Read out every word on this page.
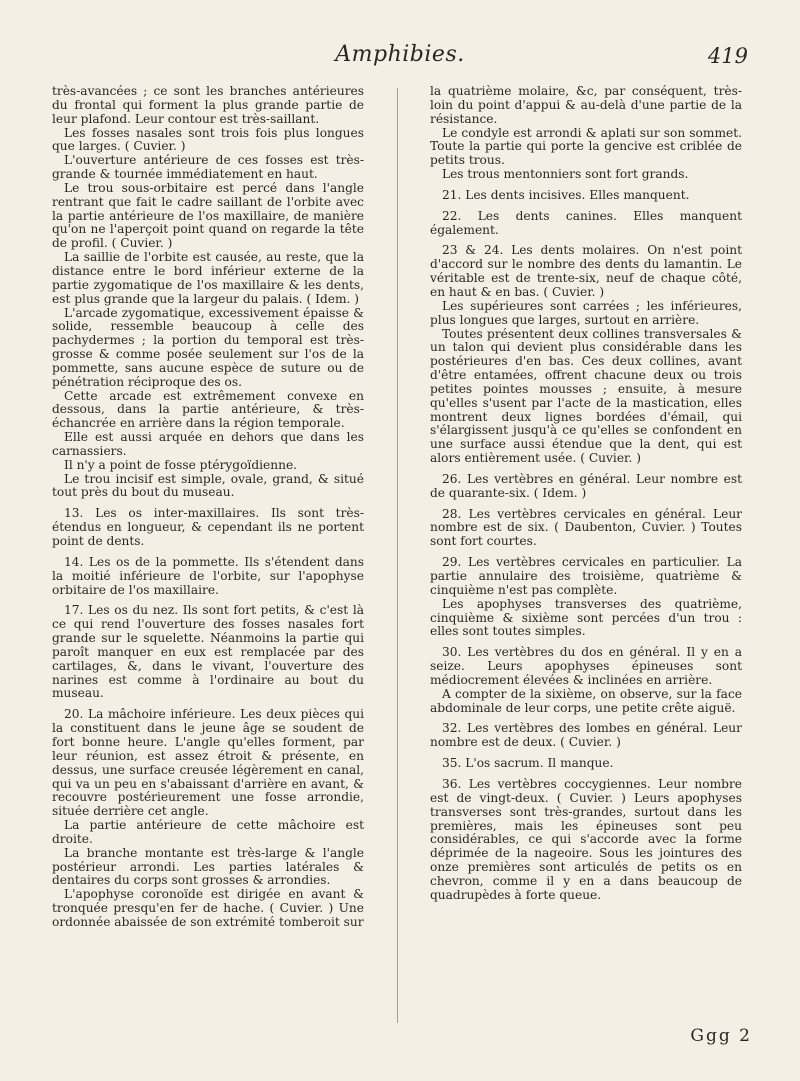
Amphibies.	419

très-avancées ; ce sont les branches antérieures du frontal qui forment la plus grande partie de leur plafond. Leur contour est très-saillant.

Les fosses nasales sont trois fois plus longues que larges. ( Cuvier. )

L'ouverture antérieure de ces fosses est très-grande & tournée immédiatement en haut.

Le trou sous-orbitaire est percé dans l'angle rentrant que fait le cadre saillant de l'orbite avec la partie antérieure de l'os maxillaire, de manière qu'on ne l'aperçoit point quand on regarde la tête de profil. ( Cuvier. )

La saillie de l'orbite est causée, au reste, que la distance entre le bord inférieur externe de la partie zygomatique de l'os maxillaire & les dents, est plus grande que la largeur du palais. ( Idem. )

L'arcade zygomatique, excessivement épaisse & solide, ressemble beaucoup à celle des pachydermes ; la portion du temporal est très-grosse & comme posée seulement sur l'os de la pommette, sans aucune espèce de suture ou de pénétration réciproque des os.

Cette arcade est extrêmement convexe en dessous, dans la partie antérieure, & très-échancrée en arrière dans la région temporale.

Elle est aussi arquée en dehors que dans les carnassiers.

Il n'y a point de fosse ptérygoïdienne.

Le trou incisif est simple, ovale, grand, & situé tout près du bout du museau.

13. Les os inter-maxillaires. Ils sont très-étendus en longueur, & cependant ils ne portent point de dents.

14. Les os de la pommette. Ils s'étendent dans la moitié inférieure de l'orbite, sur l'apophyse orbitaire de l'os maxillaire.

17. Les os du nez. Ils sont fort petits, & c'est là ce qui rend l'ouverture des fosses nasales fort grande sur le squelette. Néanmoins la partie qui paroît manquer en eux est remplacée par des cartilages, &, dans le vivant, l'ouverture des narines est comme à l'ordinaire au bout du museau.

20. La mâchoire inférieure. Les deux pièces qui la constituent dans le jeune âge se soudent de fort bonne heure. L'angle qu'elles forment, par leur réunion, est assez étroit & présente, en dessus, une surface creusée légèrement en canal, qui va un peu en s'abaissant d'arrière en avant, & recouvre postérieurement une fosse arrondie, située derrière cet angle.

La partie antérieure de cette mâchoire est droite.

La branche montante est très-large & l'angle postérieur arrondi. Les parties latérales & dentaires du corps sont grosses & arrondies.

L'apophyse coronoïde est dirigée en avant & tronquée presqu'en fer de hache. ( Cuvier. ) Une ordonnée abaissée de son extrémité tomberoit sur

la quatrième molaire, &c, par conséquent, très-loin du point d'appui & au-delà d'une partie de la résistance.

Le condyle est arrondi & aplati sur son sommet. Toute la partie qui porte la gencive est criblée de petits trous.

Les trous mentonniers sont fort grands.

21. Les dents incisives. Elles manquent.

22. Les dents canines. Elles manquent également.

23 & 24. Les dents molaires. On n'est point d'accord sur le nombre des dents du lamantin. Le véritable est de trente-six, neuf de chaque côté, en haut & en bas. ( Cuvier. )

Les supérieures sont carrées ; les inférieures, plus longues que larges, surtout en arrière.

Toutes présentent deux collines transversales & un talon qui devient plus considérable dans les postérieures d'en bas. Ces deux collines, avant d'être entamées, offrent chacune deux ou trois petites pointes mousses ; ensuite, à mesure qu'elles s'usent par l'acte de la mastication, elles montrent deux lignes bordées d'émail, qui s'élargissent jusqu'à ce qu'elles se confondent en une surface aussi étendue que la dent, qui est alors entièrement usée. ( Cuvier. )

26. Les vertèbres en général. Leur nombre est de quarante-six. ( Idem. )

28. Les vertèbres cervicales en général. Leur nombre est de six. ( Daubenton, Cuvier. ) Toutes sont fort courtes.

29. Les vertèbres cervicales en particulier. La partie annulaire des troisième, quatrième & cinquième n'est pas complète.

Les apophyses transverses des quatrième, cinquième & sixième sont percées d'un trou : elles sont toutes simples.

30. Les vertèbres du dos en général. Il y en a seize. Leurs apophyses épineuses sont médiocrement élevées & inclinées en arrière.

A compter de la sixième, on observe, sur la face abdominale de leur corps, une petite crête aiguë.

32. Les vertèbres des lombes en général. Leur nombre est de deux. ( Cuvier. )

35. L'os sacrum. Il manque.

36. Les vertèbres coccygiennes. Leur nombre est de vingt-deux. ( Cuvier. ) Leurs apophyses transverses sont très-grandes, surtout dans les premières, mais les épineuses sont peu considérables, ce qui s'accorde avec la forme déprimée de la nageoire. Sous les jointures des onze premières sont articulés de petits os en chevron, comme il y en a dans beaucoup de quadrupèdes à forte queue.

Ggg 2
